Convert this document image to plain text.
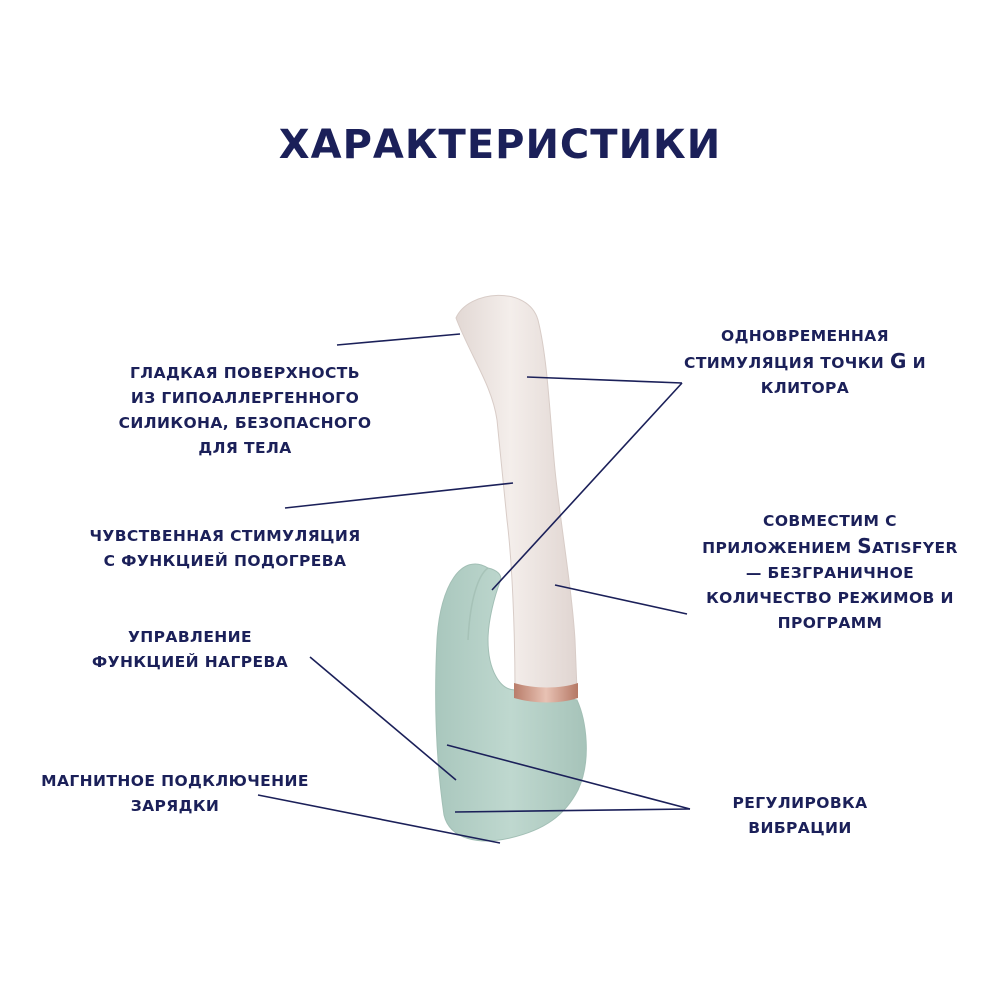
ХАРАКТЕРИСТИКИ
ГЛАДКАЯ ПОВЕРХНОСТЬ
ИЗ ГИПОАЛЛЕРГЕННОГО
СИЛИКОНА, БЕЗОПАСНОГО
ДЛЯ ТЕЛА
ЧУВСТВЕННАЯ СТИМУЛЯЦИЯ
С ФУНКЦИЕЙ ПОДОГРЕВА
УПРАВЛЕНИЕ
ФУНКЦИЕЙ НАГРЕВА
МАГНИТНОЕ ПОДКЛЮЧЕНИЕ
ЗАРЯДКИ
ОДНОВРЕМЕННАЯ
СТИМУЛЯЦИЯ ТОЧКИ G И
КЛИТОРА
СОВМЕСТИМ С
ПРИЛОЖЕНИЕМ SATISFYER
— БЕЗГРАНИЧНОЕ
КОЛИЧЕСТВО РЕЖИМОВ И
ПРОГРАММ
РЕГУЛИРОВКА
ВИБРАЦИИ
